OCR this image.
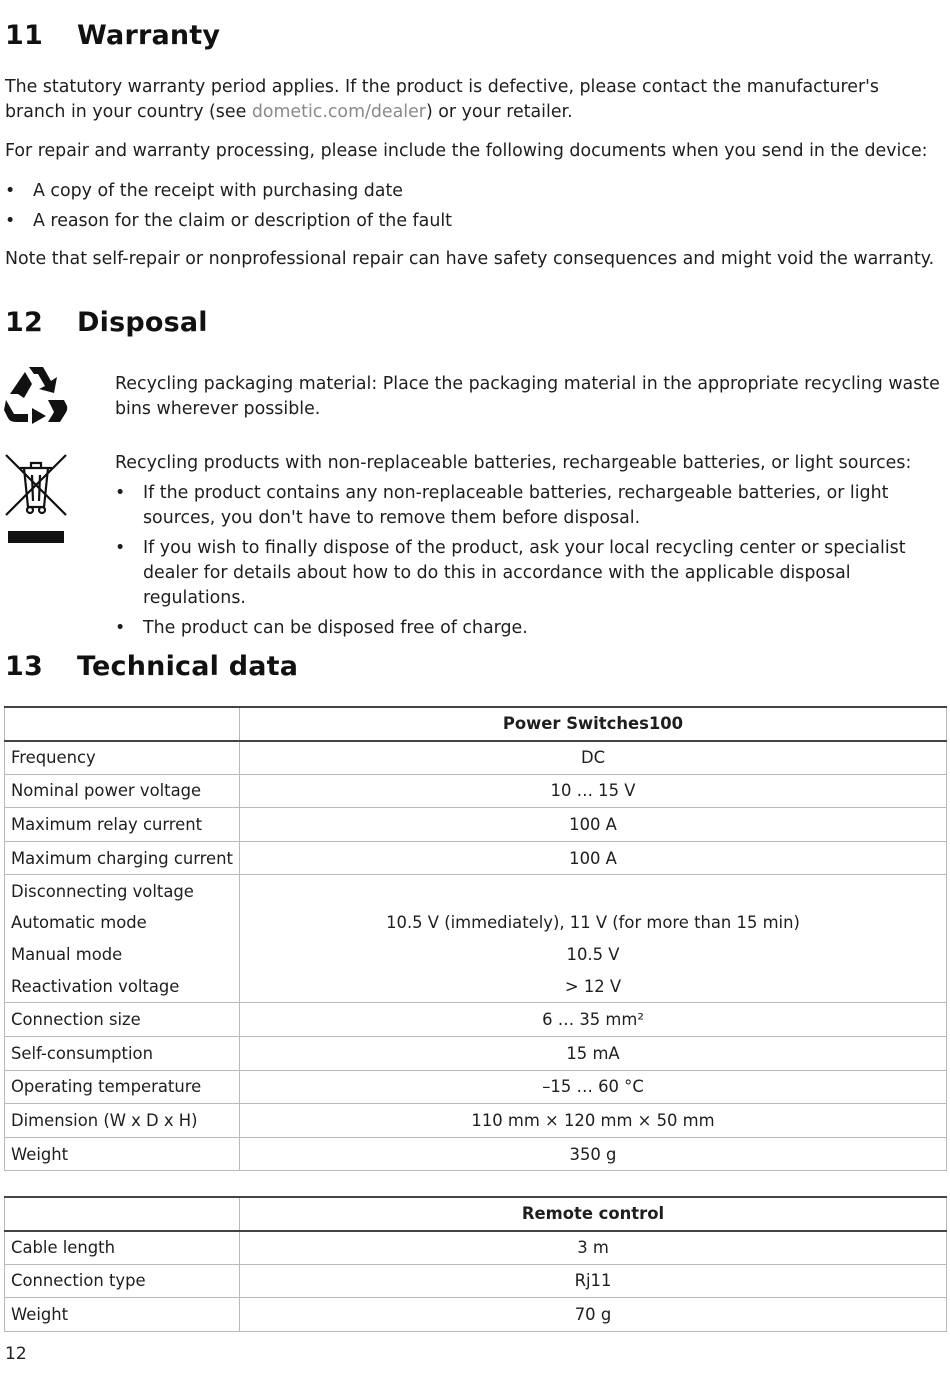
11 Warranty

The statutory warranty period applies. If the product is defective, please contact the manufacturer's branch in your country (see dometic.com/dealer) or your retailer.

For repair and warranty processing, please include the following documents when you send in the device:

• A copy of the receipt with purchasing date
• A reason for the claim or description of the fault

Note that self-repair or nonprofessional repair can have safety consequences and might void the warranty.

12 Disposal

Recycling packaging material: Place the packaging material in the appropriate recycling waste bins wherever possible.

Recycling products with non-replaceable batteries, rechargeable batteries, or light sources:

• If the product contains any non-replaceable batteries, rechargeable batteries, or light sources, you don't have to remove them before disposal.
• If you wish to finally dispose of the product, ask your local recycling center or specialist dealer for details about how to do this in accordance with the applicable disposal regulations.
• The product can be disposed free of charge.
13 Technical data
	Power Switches100
Frequency	DC
Nominal power voltage	10 … 15 V
Maximum relay current	100 A
Maximum charging current	100 A
Disconnecting voltage	
Automatic mode	10.5 V (immediately), 11 V (for more than 15 min)
Manual mode	10.5 V
Reactivation voltage	> 12 V
Connection size	6 … 35 mm²
Self-consumption	15 mA
Operating temperature	–15 … 60 °C
Dimension (W x D x H)	110 mm × 120 mm × 50 mm
Weight	350 g
	Remote control
Cable length	3 m
Connection type	Rj11
Weight	70 g
12
